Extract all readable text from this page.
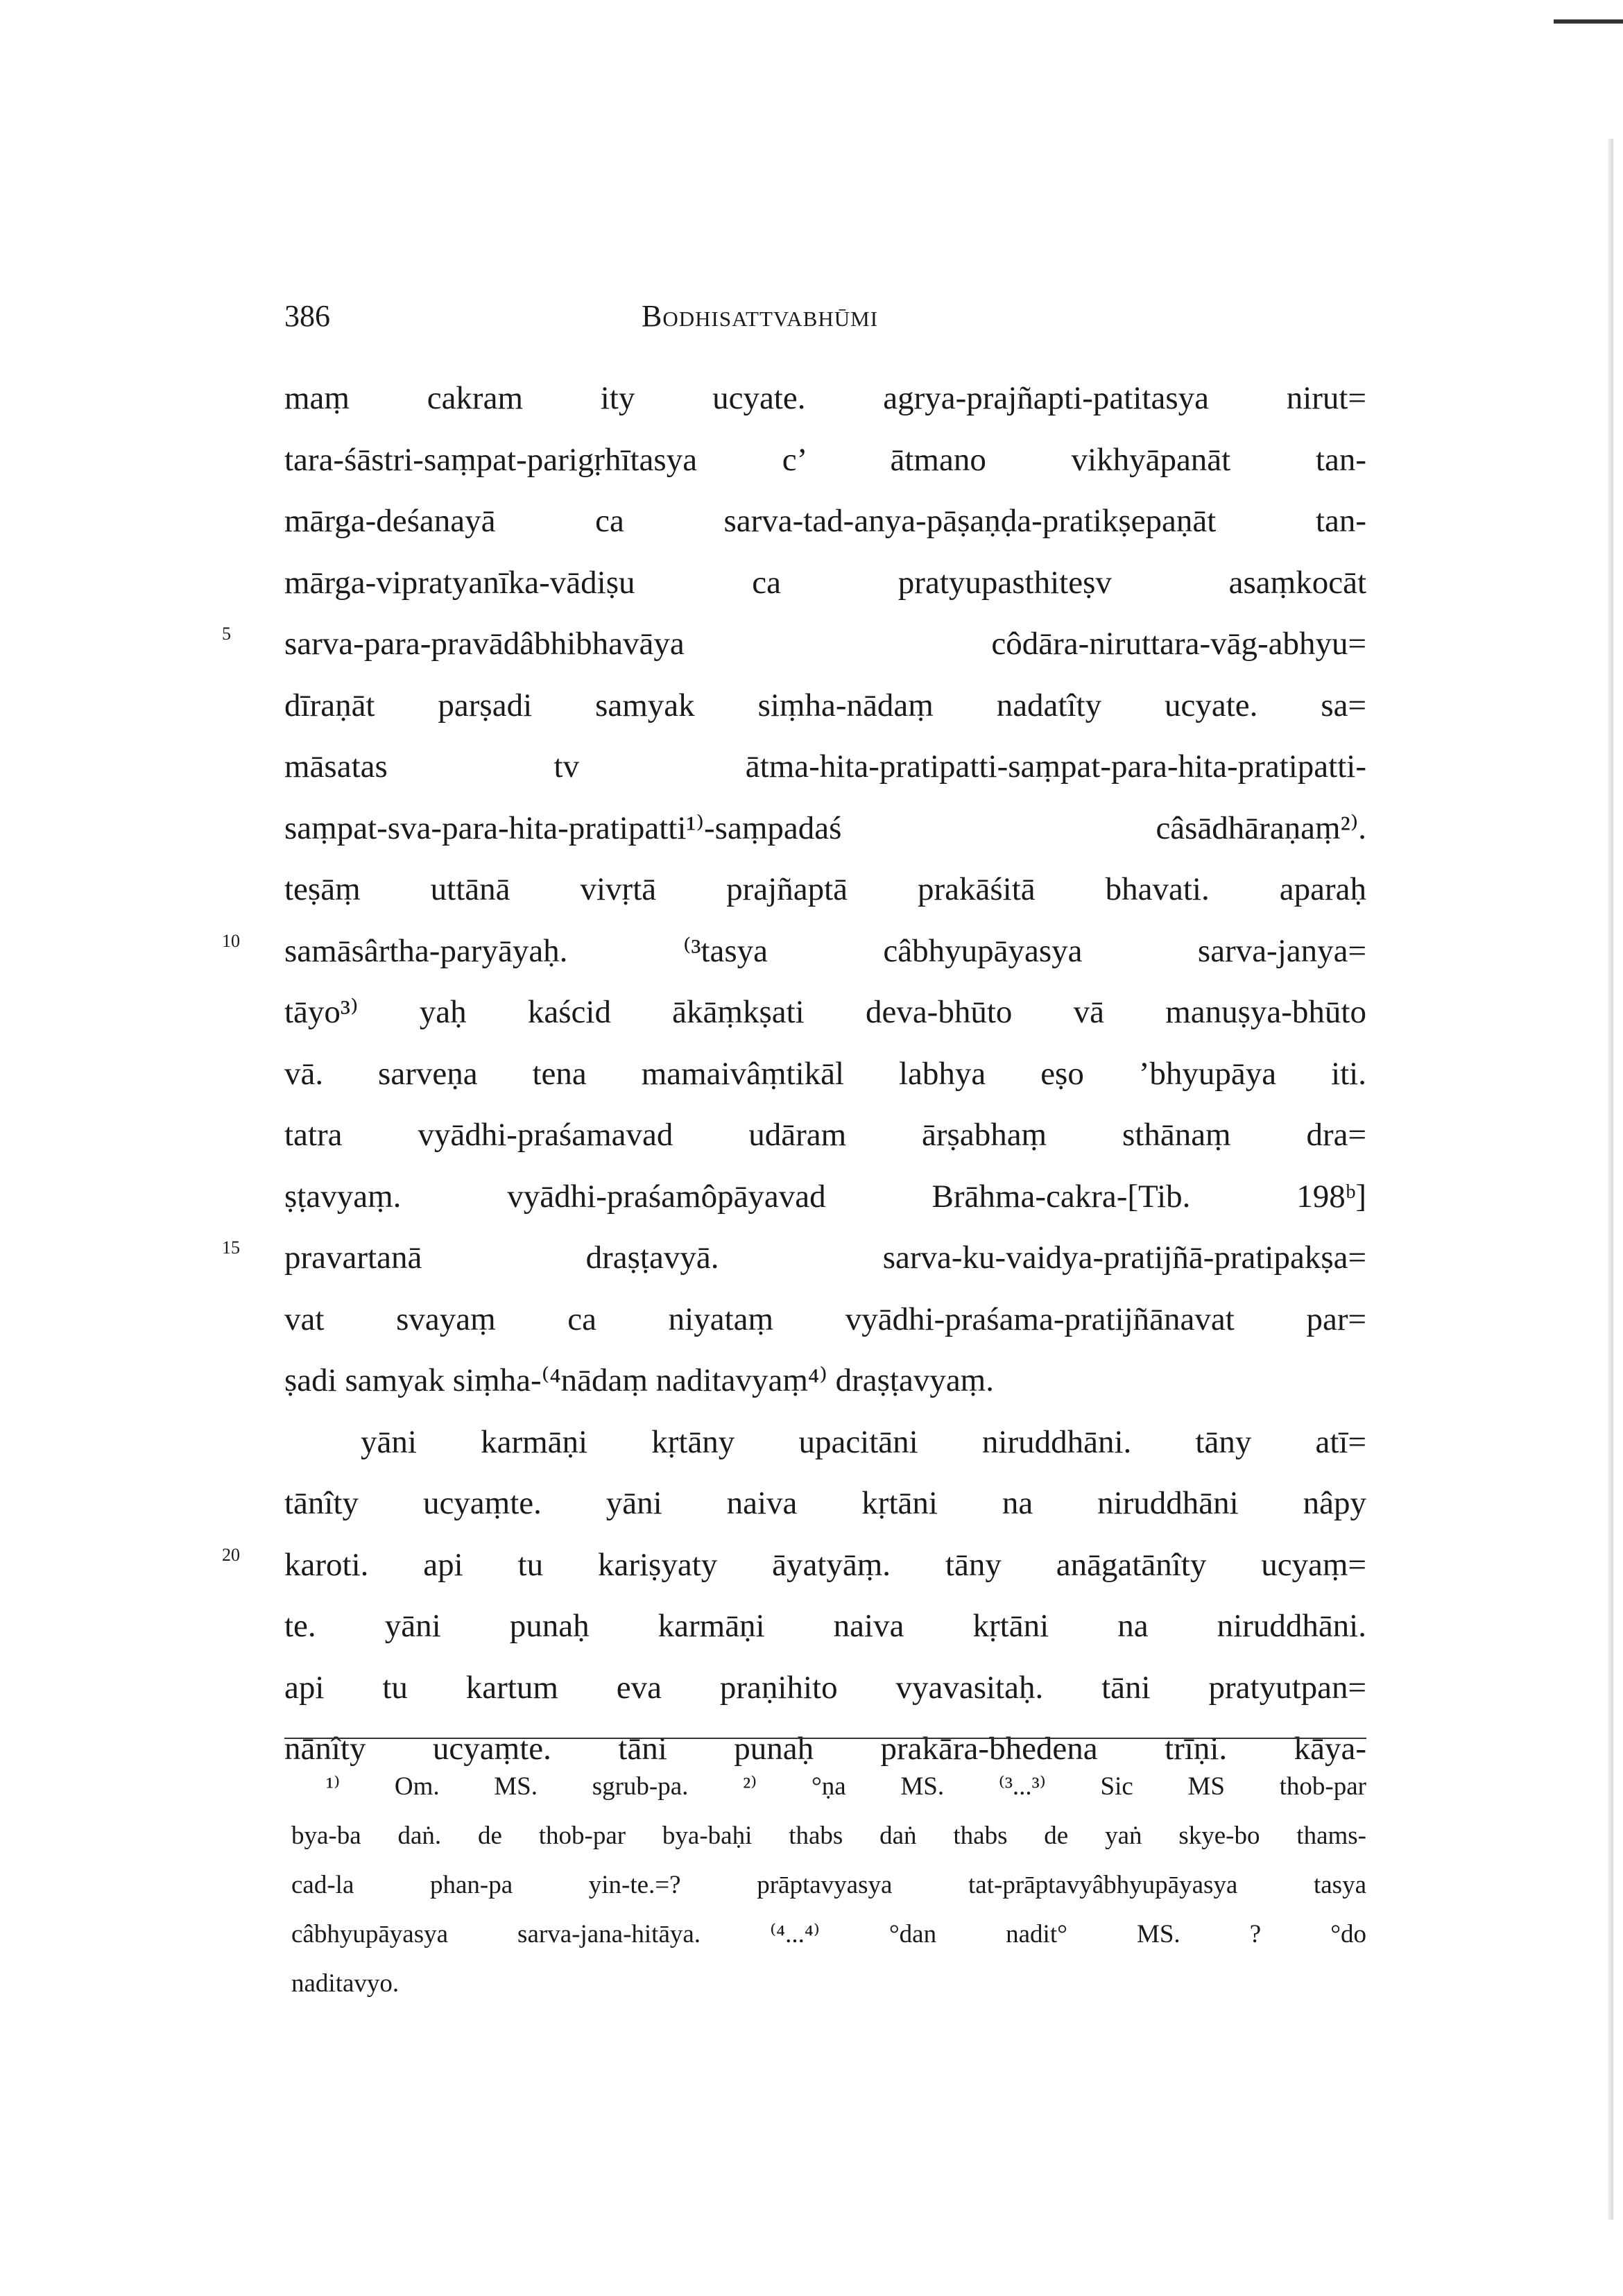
386	Bodhisattvabhūmi
maṃ cakram ity ucyate. agrya-prajñapti-patitasya nirut=
tara-śāstri-saṃpat-parigṛhītasya c’ ātmano vikhyāpanāt tan-
mārga-deśanayā ca sarva-tad-anya-pāṣaṇḍa-pratikṣepaṇāt tan-
mārga-vipratyanīka-vādiṣu ca pratyupasthiteṣv asaṃkocāt
5	sarva-para-pravādâbhibhavāya côdāra-niruttara-vāg-abhyu=
dīraṇāt parṣadi samyak siṃha-nādaṃ nadatîty ucyate. sa=
māsatas tv ātma-hita-pratipatti-saṃpat-para-hita-pratipatti-
saṃpat-sva-para-hita-pratipatti¹⁾-saṃpadaś câsādhāraṇaṃ²⁾.
teṣāṃ uttānā vivṛtā prajñaptā prakāśitā bhavati. aparaḥ
10	samāsârtha-paryāyaḥ. ⁽³tasya câbhyupāyasya sarva-janya=
tāyo³⁾ yaḥ kaścid ākāṃkṣati deva-bhūto vā manuṣya-bhūto
vā. sarveṇa tena mamaivâṃtikāl labhya eṣo ’bhyupāya iti.
tatra vyādhi-praśamavad udāram ārṣabhaṃ sthānaṃ dra=
ṣṭavyaṃ. vyādhi-praśamôpāyavad Brāhma-cakra-[Tib. 198ᵇ]
15	pravartanā draṣṭavyā. sarva-ku-vaidya-pratijñā-pratipakṣa=
vat svayaṃ ca niyataṃ vyādhi-praśama-pratijñānavat par=
ṣadi samyak siṃha-⁽⁴nādaṃ naditavyaṃ⁴⁾ draṣṭavyaṃ.
yāni karmāṇi kṛtāny upacitāni niruddhāni. tāny atī=
tānîty ucyaṃte. yāni naiva kṛtāni na niruddhāni nâpy
20	karoti. api tu kariṣyaty āyatyāṃ. tāny anāgatānîty ucyaṃ=
te. yāni punaḥ karmāṇi naiva kṛtāni na niruddhāni.
api tu kartum eva praṇihito vyavasitaḥ. tāni pratyutpan=
nānîty ucyaṃte. tāni punaḥ prakāra-bhedena trīṇi. kāya-
¹⁾ Om. MS. sgrub-pa. ²⁾ °ṇa MS. ⁽³...³⁾ Sic MS thob-par
bya-ba daṅ. de thob-par bya-baḥi thabs daṅ thabs de yaṅ skye-bo thams-
cad-la phan-pa yin-te.=? prāptavyasya tat-prāptavyâbhyupāyasya tasya
câbhyupāyasya sarva-jana-hitāya. ⁽⁴...⁴⁾ °dan nadit° MS. ? °do
naditavyo.
